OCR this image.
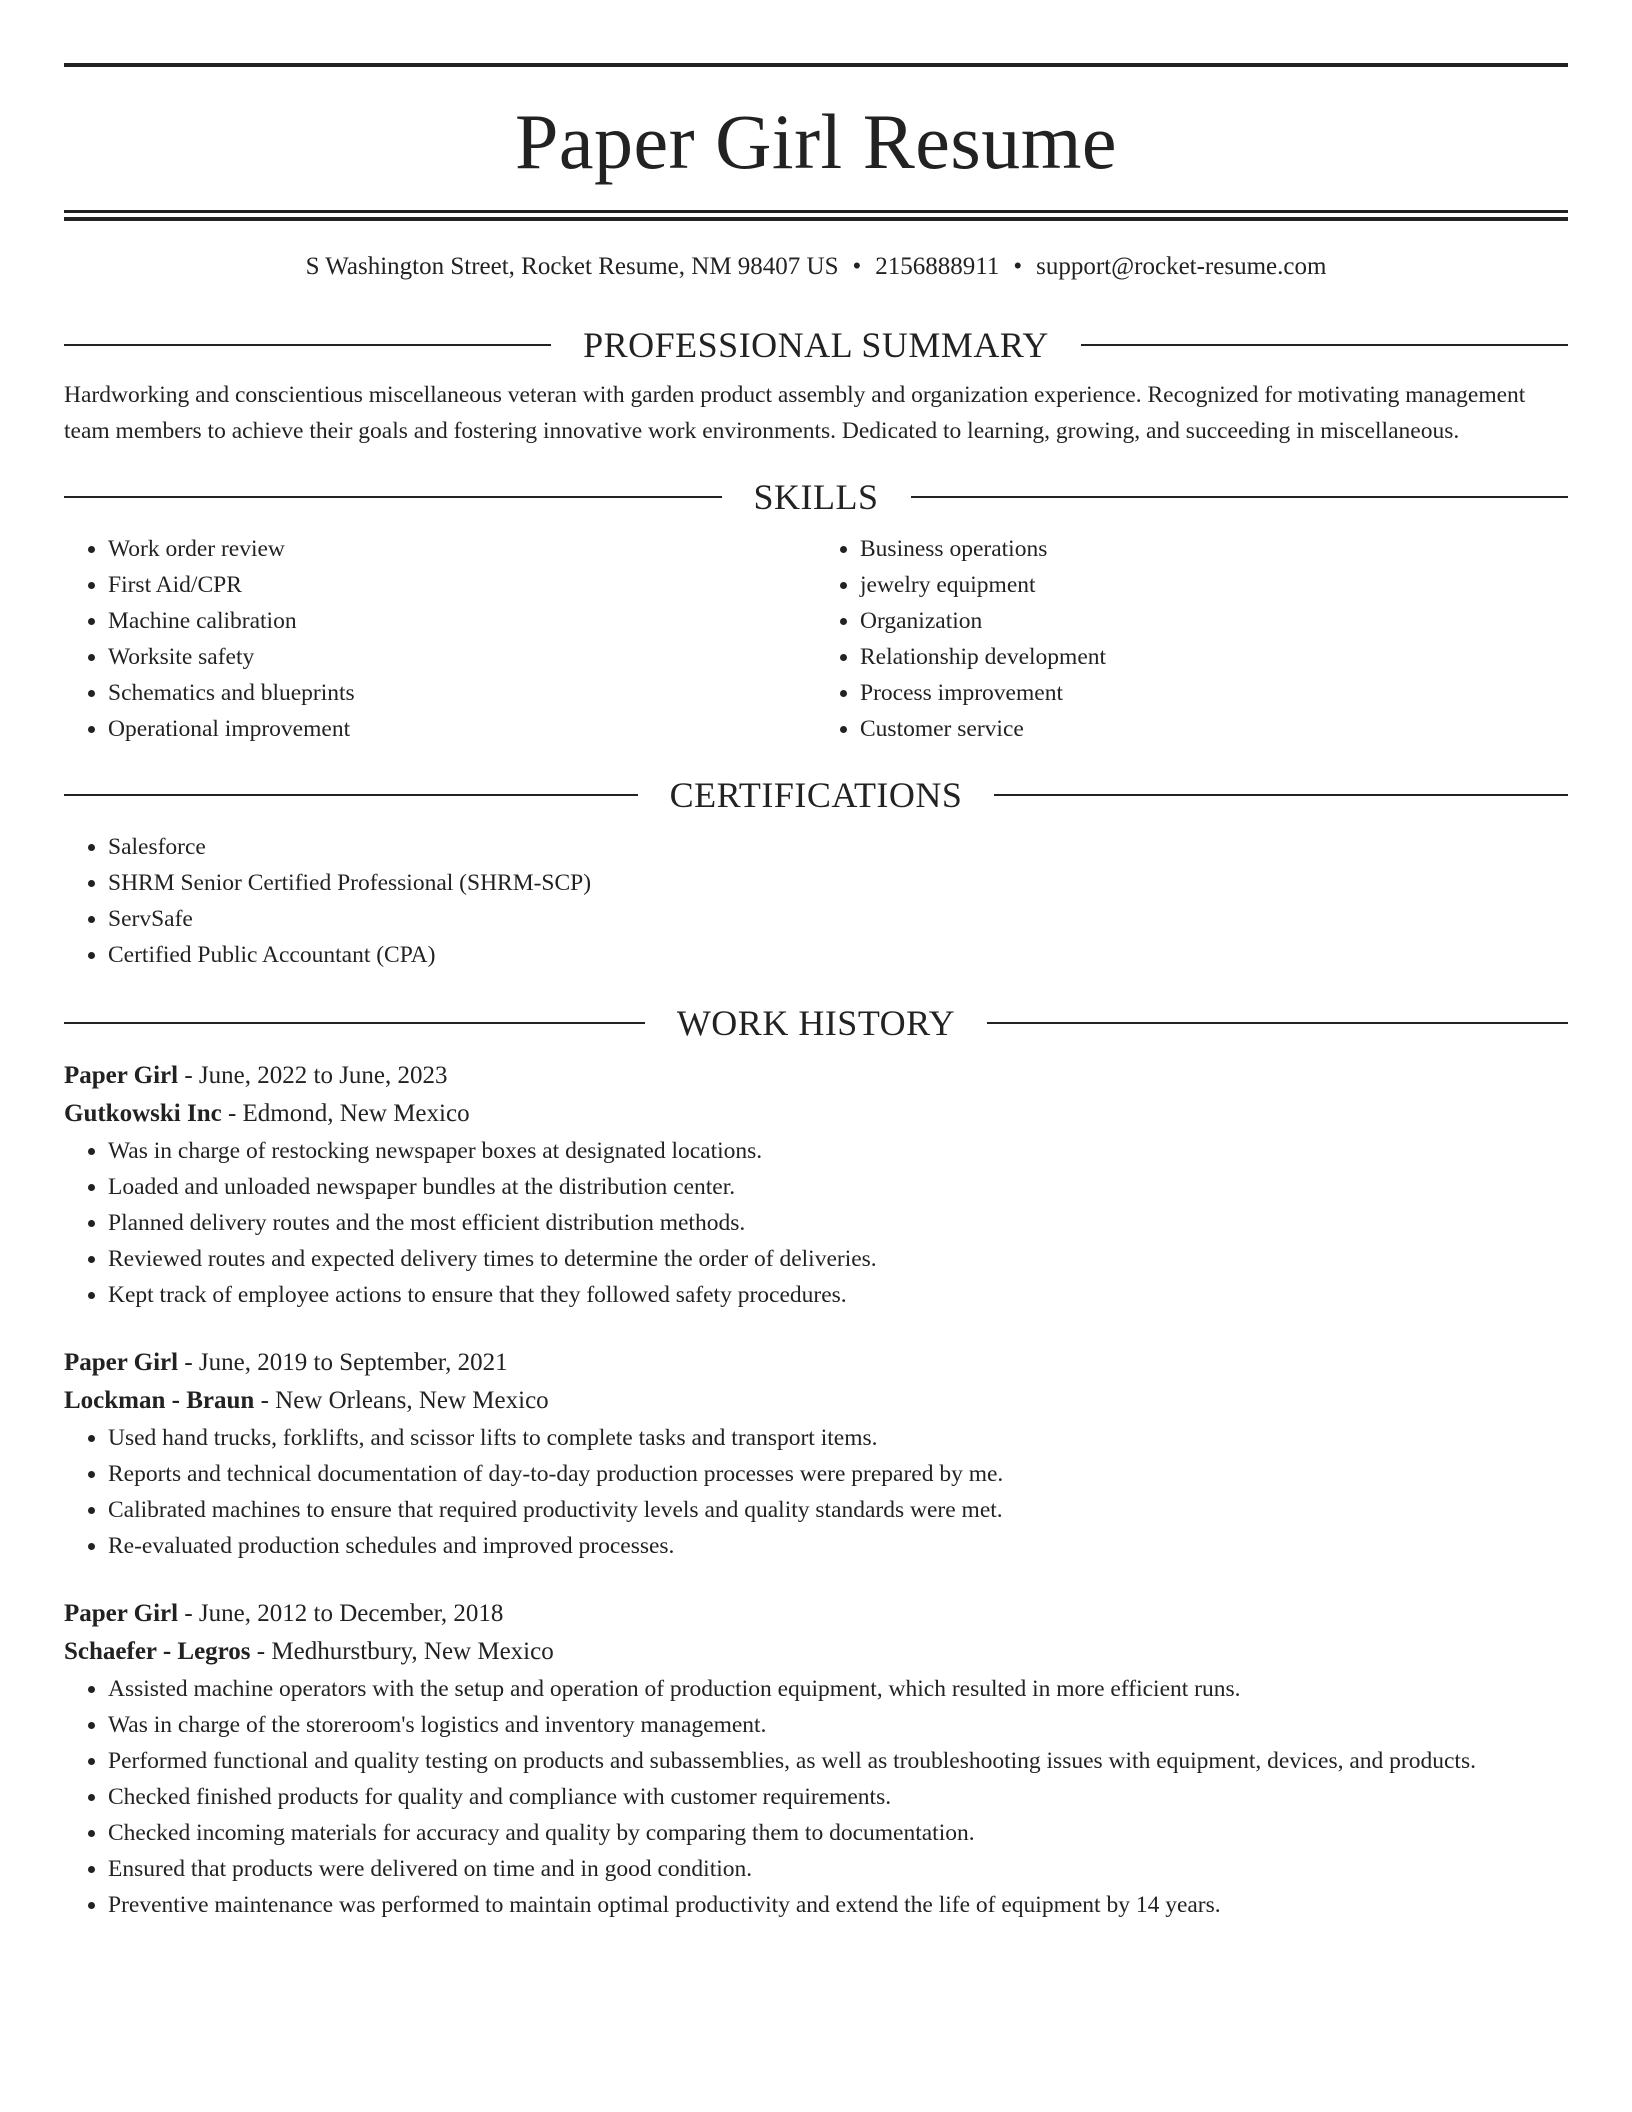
Paper Girl Resume
S Washington Street, Rocket Resume, NM 98407 US • 2156888911 • support@rocket-resume.com
PROFESSIONAL SUMMARY
Hardworking and conscientious miscellaneous veteran with garden product assembly and organization experience. Recognized for motivating management team members to achieve their goals and fostering innovative work environments. Dedicated to learning, growing, and succeeding in miscellaneous.
SKILLS
• Work order review
• First Aid/CPR
• Machine calibration
• Worksite safety
• Schematics and blueprints
• Operational improvement
• Business operations
• jewelry equipment
• Organization
• Relationship development
• Process improvement
• Customer service
CERTIFICATIONS
• Salesforce
• SHRM Senior Certified Professional (SHRM-SCP)
• ServSafe
• Certified Public Accountant (CPA)
WORK HISTORY
Paper Girl - June, 2022 to June, 2023
Gutkowski Inc - Edmond, New Mexico
• Was in charge of restocking newspaper boxes at designated locations.
• Loaded and unloaded newspaper bundles at the distribution center.
• Planned delivery routes and the most efficient distribution methods.
• Reviewed routes and expected delivery times to determine the order of deliveries.
• Kept track of employee actions to ensure that they followed safety procedures.
Paper Girl - June, 2019 to September, 2021
Lockman - Braun - New Orleans, New Mexico
• Used hand trucks, forklifts, and scissor lifts to complete tasks and transport items.
• Reports and technical documentation of day-to-day production processes were prepared by me.
• Calibrated machines to ensure that required productivity levels and quality standards were met.
• Re-evaluated production schedules and improved processes.
Paper Girl - June, 2012 to December, 2018
Schaefer - Legros - Medhurstbury, New Mexico
• Assisted machine operators with the setup and operation of production equipment, which resulted in more efficient runs.
• Was in charge of the storeroom's logistics and inventory management.
• Performed functional and quality testing on products and subassemblies, as well as troubleshooting issues with equipment, devices, and products.
• Checked finished products for quality and compliance with customer requirements.
• Checked incoming materials for accuracy and quality by comparing them to documentation.
• Ensured that products were delivered on time and in good condition.
• Preventive maintenance was performed to maintain optimal productivity and extend the life of equipment by 14 years.
